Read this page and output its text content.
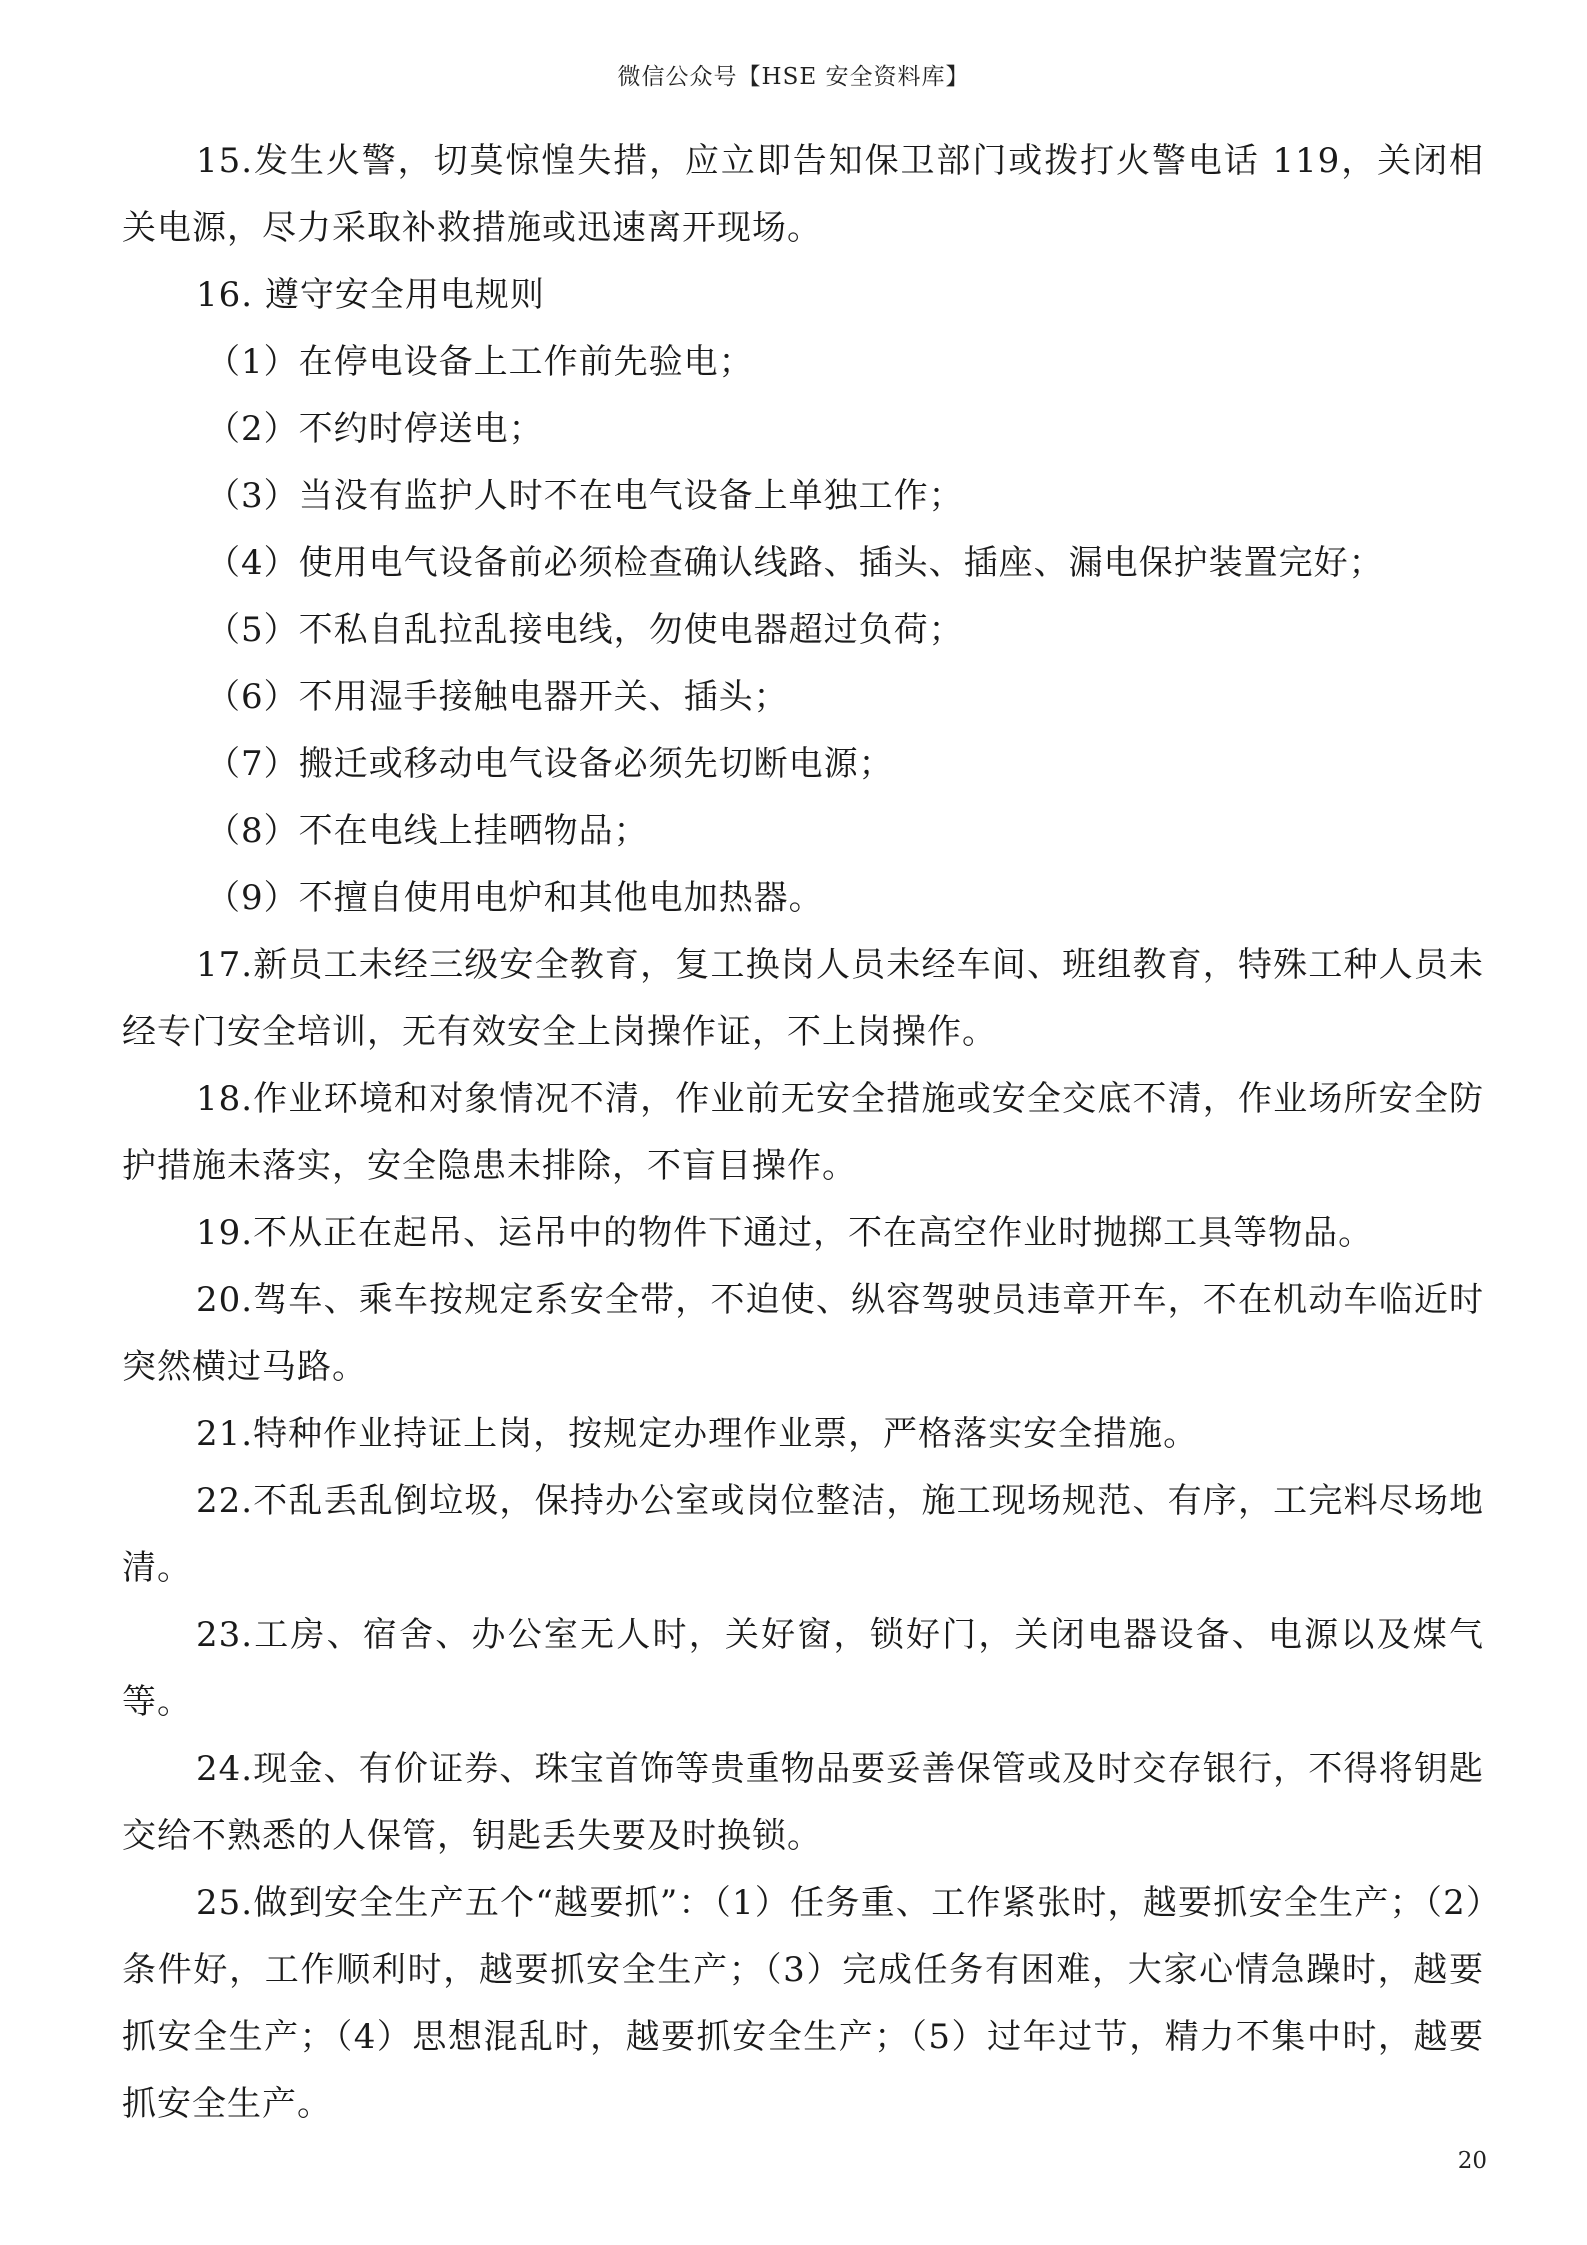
微信公众号【HSE 安全资料库】

15.发生火警，切莫惊惶失措，应立即告知保卫部门或拨打火警电话 119，关闭相关电源，尽力采取补救措施或迅速离开现场。

16. 遵守安全用电规则

（1）在停电设备上工作前先验电；

（2）不约时停送电；

（3）当没有监护人时不在电气设备上单独工作；

（4）使用电气设备前必须检查确认线路、插头、插座、漏电保护装置完好；

（5）不私自乱拉乱接电线，勿使电器超过负荷；

（6）不用湿手接触电器开关、插头；

（7）搬迁或移动电气设备必须先切断电源；

（8）不在电线上挂晒物品；

（9）不擅自使用电炉和其他电加热器。

17.新员工未经三级安全教育，复工换岗人员未经车间、班组教育，特殊工种人员未经专门安全培训，无有效安全上岗操作证，不上岗操作。

18.作业环境和对象情况不清，作业前无安全措施或安全交底不清，作业场所安全防护措施未落实，安全隐患未排除，不盲目操作。

19.不从正在起吊、运吊中的物件下通过，不在高空作业时抛掷工具等物品。

20.驾车、乘车按规定系安全带，不迫使、纵容驾驶员违章开车，不在机动车临近时突然横过马路。

21.特种作业持证上岗，按规定办理作业票，严格落实安全措施。

22.不乱丢乱倒垃圾，保持办公室或岗位整洁，施工现场规范、有序，工完料尽场地清。

23.工房、宿舍、办公室无人时，关好窗，锁好门，关闭电器设备、电源以及煤气等。

24.现金、有价证券、珠宝首饰等贵重物品要妥善保管或及时交存银行，不得将钥匙交给不熟悉的人保管，钥匙丢失要及时换锁。

25.做到安全生产五个“越要抓”：（1）任务重、工作紧张时，越要抓安全生产；（2）条件好，工作顺利时，越要抓安全生产；（3）完成任务有困难，大家心情急躁时，越要抓安全生产；（4）思想混乱时，越要抓安全生产；（5）过年过节，精力不集中时，越要抓安全生产。

20
